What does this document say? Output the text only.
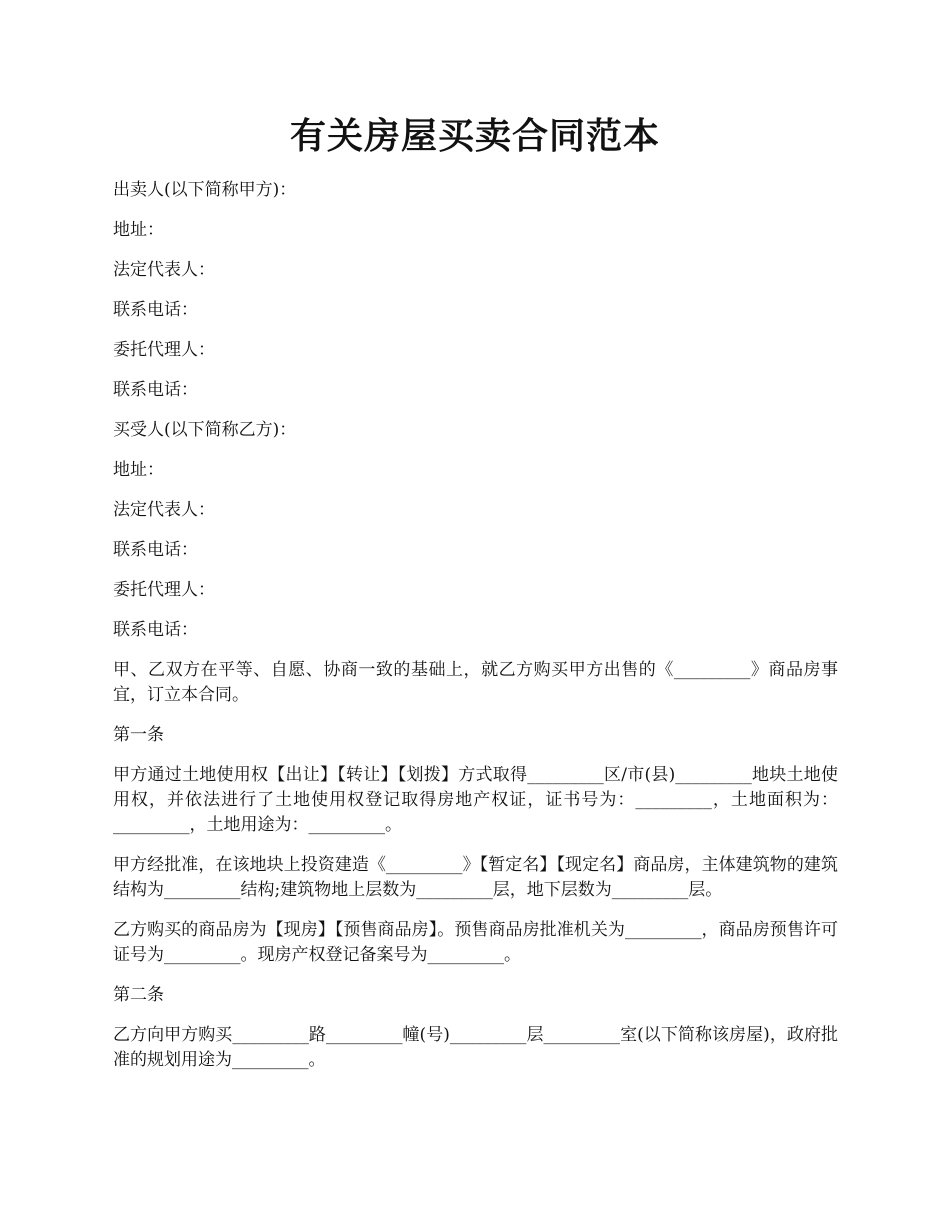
有关房屋买卖合同范本

出卖人(以下简称甲方)：

地址：

法定代表人：

联系电话：

委托代理人：

联系电话：

买受人(以下简称乙方)：

地址：

法定代表人：

联系电话：

委托代理人：

联系电话：

甲、乙双方在平等、自愿、协商一致的基础上，就乙方购买甲方出售的《_________》商品房事宜，订立本合同。

第一条

甲方通过土地使用权【出让】【转让】【划拨】方式取得_________区/市(县)_________地块土地使用权，并依法进行了土地使用权登记取得房地产权证，证书号为：_________，土地面积为：_________，土地用途为：_________。

甲方经批准，在该地块上投资建造《_________》【暂定名】【现定名】商品房，主体建筑物的建筑结构为_________结构;建筑物地上层数为_________层，地下层数为_________层。

乙方购买的商品房为【现房】【预售商品房】。预售商品房批准机关为_________，商品房预售许可证号为_________。现房产权登记备案号为_________。

第二条

乙方向甲方购买_________路_________幢(号)_________层_________室(以下简称该房屋)，政府批准的规划用途为_________。
